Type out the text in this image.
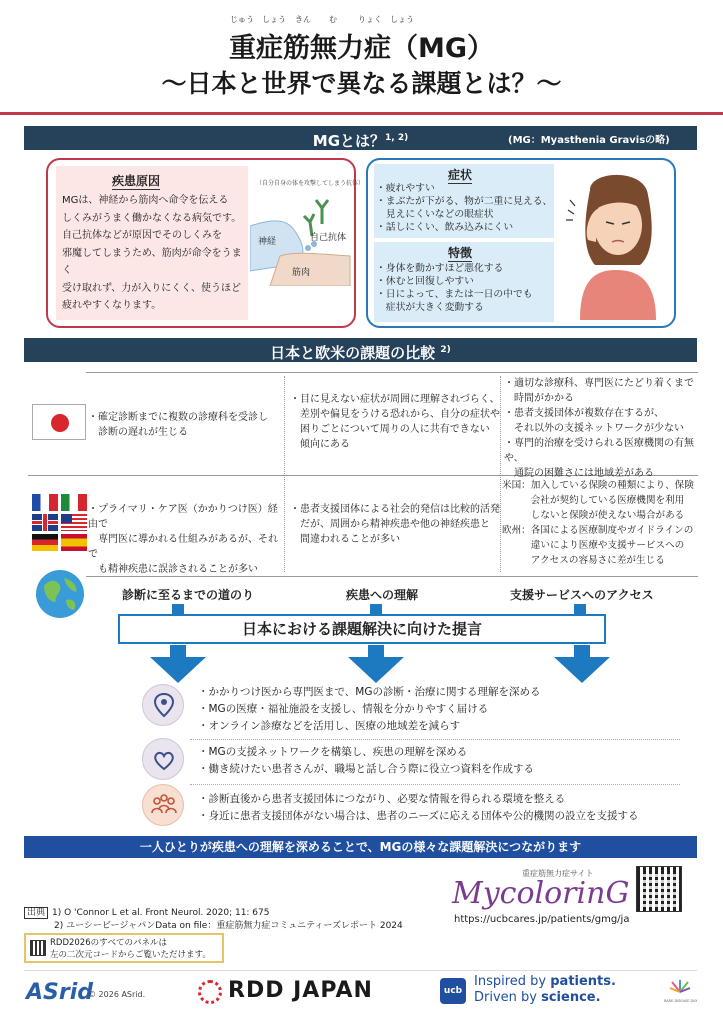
じゅう しょう きん む	りょく しょう
重症筋無力症（MG）
～日本と世界で異なる課題とは？～
MGとは？$^{1, 2)}$	(MG：Myasthenia Gravisの略)
疾患原因
MGは、神経から筋肉へ命令を伝える
しくみがうまく働かなくなる病気です。
自己抗体などが原因でそのしくみを
邪魔してしまうため、筋肉が命令をうまく
受け取れず、力が入りにくく、使うほど
疲れやすくなります。
（自分自身の体を攻撃してしまう抗体）
神経	自己抗体
筋肉
症状
・疲れやすい
・まぶたが下がる、物が二重に見える、
　見えにくいなどの眼症状
・話しにくい、飲み込みにくい
特徴
・身体を動かすほど悪化する
・休むと回復しやすい
・日によって、または一日の中でも
　症状が大きく変動する
日本と欧米の課題の比較 $^{2)}$
・確定診断までに複数の診療科を受診し
　診断の遅れが生じる
・目に見えない症状が周囲に理解されづらく、
　差別や偏見をうける恐れから、自分の症状や
　困りごとについて周りの人に共有できない
　傾向にある
・適切な診療科、専門医にたどり着くまで
　時間がかかる
・患者支援団体が複数存在するが、
　それ以外の支援ネットワークが少ない
・専門的治療を受けられる医療機関の有無や、
　通院の困難さには地域差がある
・プライマリ・ケア医（かかりつけ医）経由で
　専門医に導かれる仕組みがあるが、それで
　も精神疾患に誤診されることが多い
・患者支援団体による社会的発信は比較的活発
　だが、周囲から精神疾患や他の神経疾患と
　間違われることが多い
米国：加入している保険の種類により、保険
　　　会社が契約している医療機関を利用
　　　しないと保険が使えない場合がある
欧州：各国による医療制度やガイドラインの
　　　違いにより医療や支援サービスへの
　　　アクセスの容易さに差が生じる
診断に至るまでの道のり	疾患への理解	支援サービスへのアクセス
日本における課題解決に向けた提言
・かかりつけ医から専門医まで、MGの診断・治療に関する理解を深める
・MGの医療・福祉施設を支援し、情報を分かりやすく届ける
・オンライン診療などを活用し、医療の地域差を減らす
・MGの支援ネットワークを構築し、疾患の理解を深める
・働き続けたい患者さんが、職場と話し合う際に役立つ資料を作成する
・診断直後から患者支援団体につながり、必要な情報を得られる環境を整える
・身近に患者支援団体がない場合は、患者のニーズに応える団体や公的機関の設立を支援する
一人ひとりが疾患への理解を深めることで、MGの様々な課題解決につながります
出典 1) O 'Connor L et al. Front Neurol. 2020; 11: 675
2) ユーシービージャパンData on file：重症筋無力症コミュニティーズレポート 2024
RDD2026のすべてのパネルは
左の二次元コードからご覧いただけます。
重症筋無力症サイト
MycolorinG
https://ucbcares.jp/patients/gmg/ja
ASrid
© 2026 ASrid.	RDD JAPAN	ucb
Inspired by patients.
Driven by science.	RARE DISEASE DAY
